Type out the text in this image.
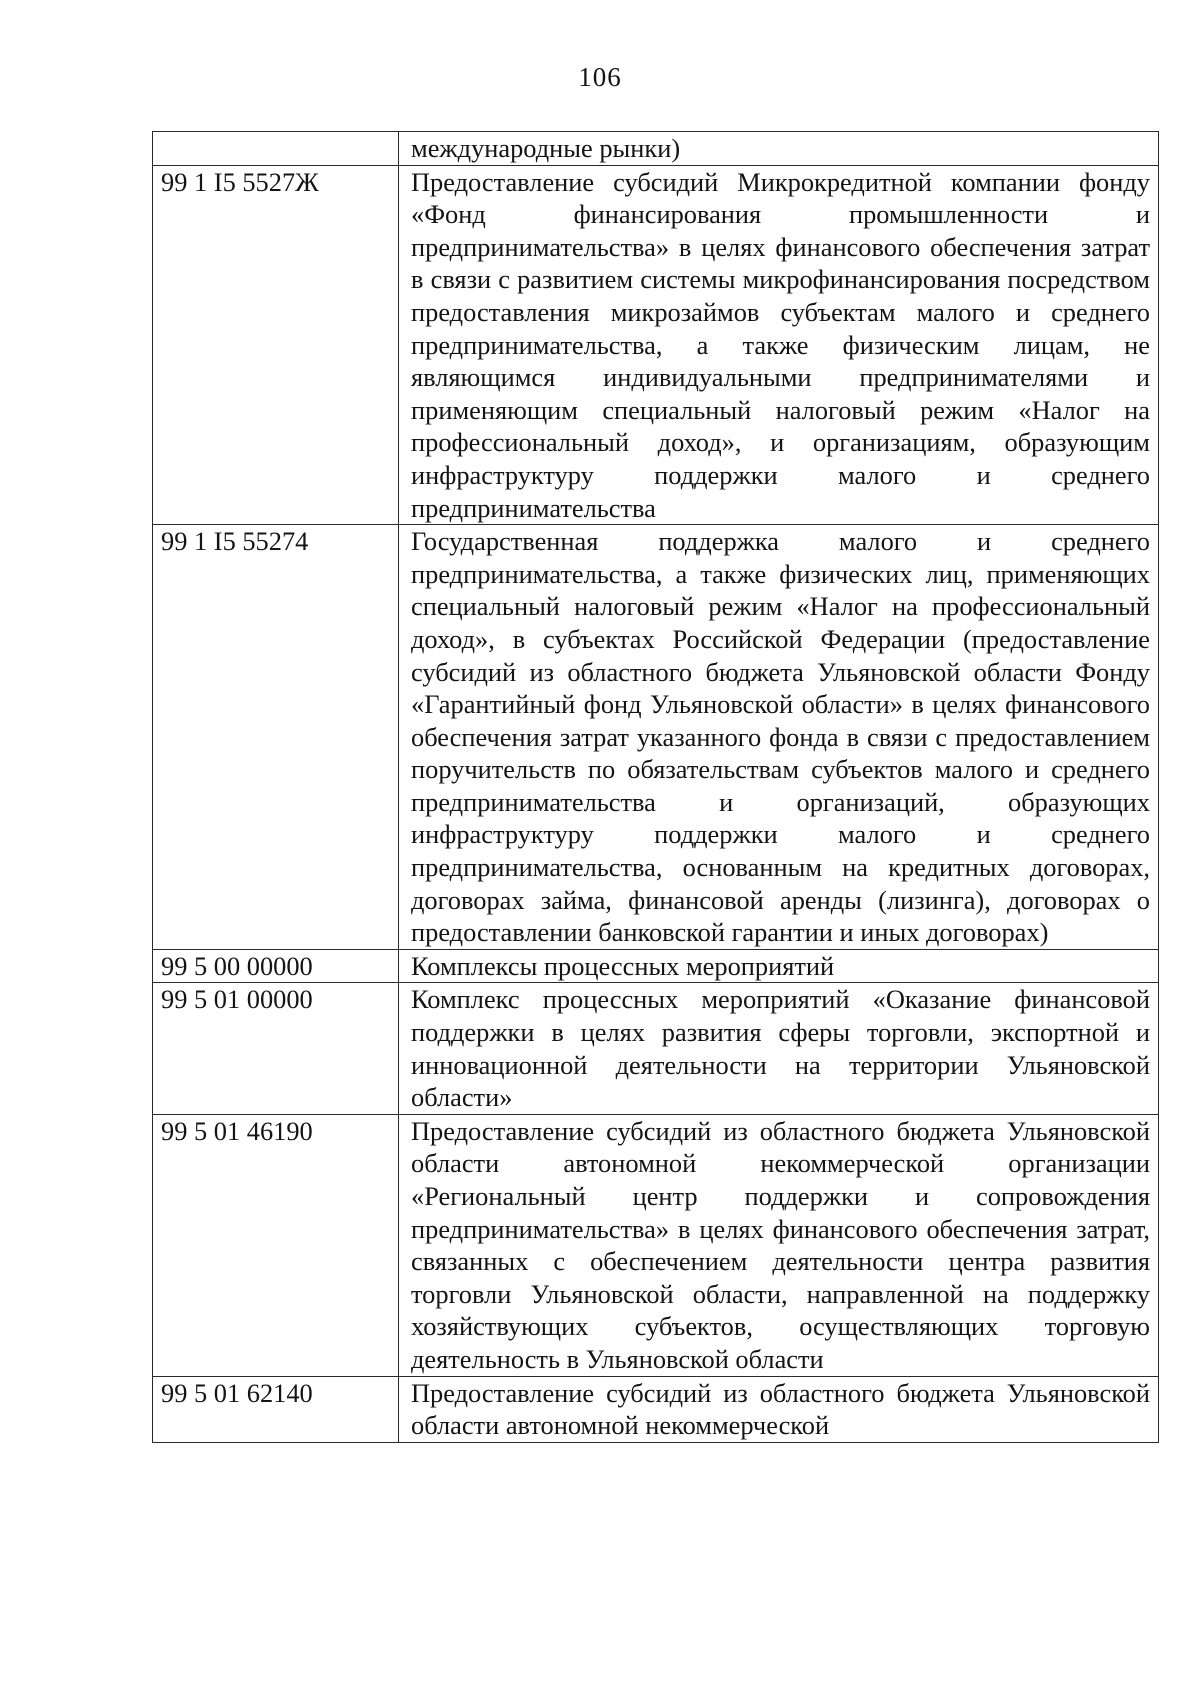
106
	международные рынки)
99 1 I5 5527Ж	Предоставление субсидий Микрокредитной компании фонду «Фонд финансирования промышленности и предпринимательства» в целях финансового обеспечения затрат в связи с развитием системы микрофинансирования посредством предоставления микрозаймов субъектам малого и среднего предпринимательства, а также физическим лицам, не являющимся индивидуальными предпринимателями и применяющим специальный налоговый режим «Налог на профессиональный доход», и организациям, образующим инфраструктуру поддержки малого и среднего предпринимательства
99 1 I5 55274	Государственная поддержка малого и среднего предпринимательства, а также физических лиц, применяющих специальный налоговый режим «Налог на профессиональный доход», в субъектах Российской Федерации (предоставление субсидий из областного бюджета Ульяновской области Фонду «Гарантийный фонд Ульяновской области» в целях финансового обеспечения затрат указанного фонда в связи с предоставлением поручительств по обязательствам субъектов малого и среднего предпринимательства и организаций, образующих инфраструктуру поддержки малого и среднего предпринимательства, основанным на кредитных договорах, договорах займа, финансовой аренды (лизинга), договорах о предоставлении банковской гарантии и иных договорах)
99 5 00 00000	Комплексы процессных мероприятий
99 5 01 00000	Комплекс процессных мероприятий «Оказание финансовой поддержки в целях развития сферы торговли, экспортной и инновационной деятельности на территории Ульяновской области»
99 5 01 46190	Предоставление субсидий из областного бюджета Ульяновской области автономной некоммерческой организации «Региональный центр поддержки и сопровождения предпринимательства» в целях финансового обеспечения затрат, связанных с обеспечением деятельности центра развития торговли Ульяновской области, направленной на поддержку хозяйствующих субъектов, осуществляющих торговую деятельность в Ульяновской области
99 5 01 62140	Предоставление субсидий из областного бюджета Ульяновской области автономной некоммерческой
